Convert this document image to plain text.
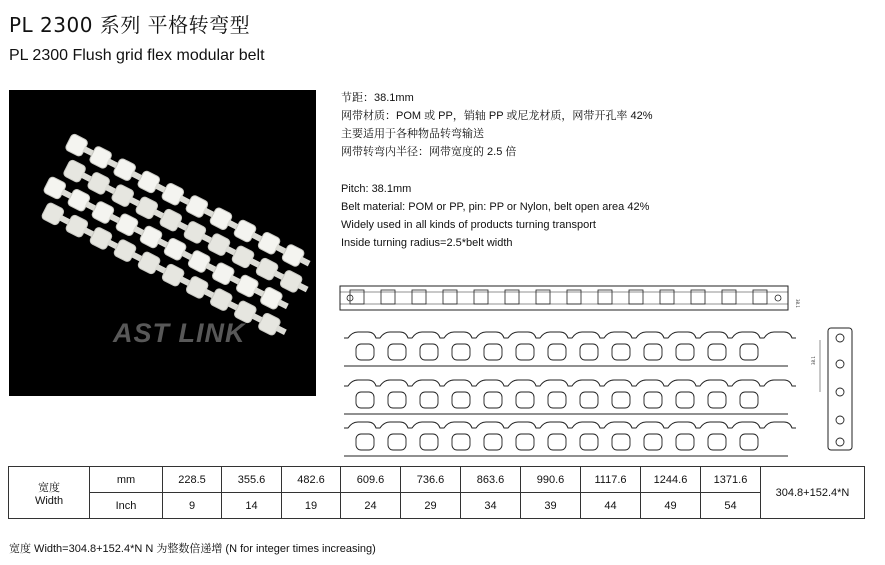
PL 2300 系列 平格转弯型
PL 2300 Flush grid flex modular belt
AST LINK
节距：38.1mm
网带材质：POM 或 PP，销轴 PP 或尼龙材质，网带开孔率 42%
主要适用于各种物品转弯输送
网带转弯内半径：网带宽度的 2.5 倍
Pitch: 38.1mm
Belt material: POM or PP, pin: PP or Nylon, belt open area 42%
Widely used in all kinds of products turning transport
Inside turning radius=2.5*belt width
38.1
38.1
宽度
Width	mm	228.5	355.6	482.6	609.6	736.6	863.6	990.6	1117.6	1244.6	1371.6	304.8+152.4*N
	Inch	9	14	19	24	29	34	39	44	49	54	
宽度 Width=304.8+152.4*N N 为整数倍递增 (N for integer times increasing)
